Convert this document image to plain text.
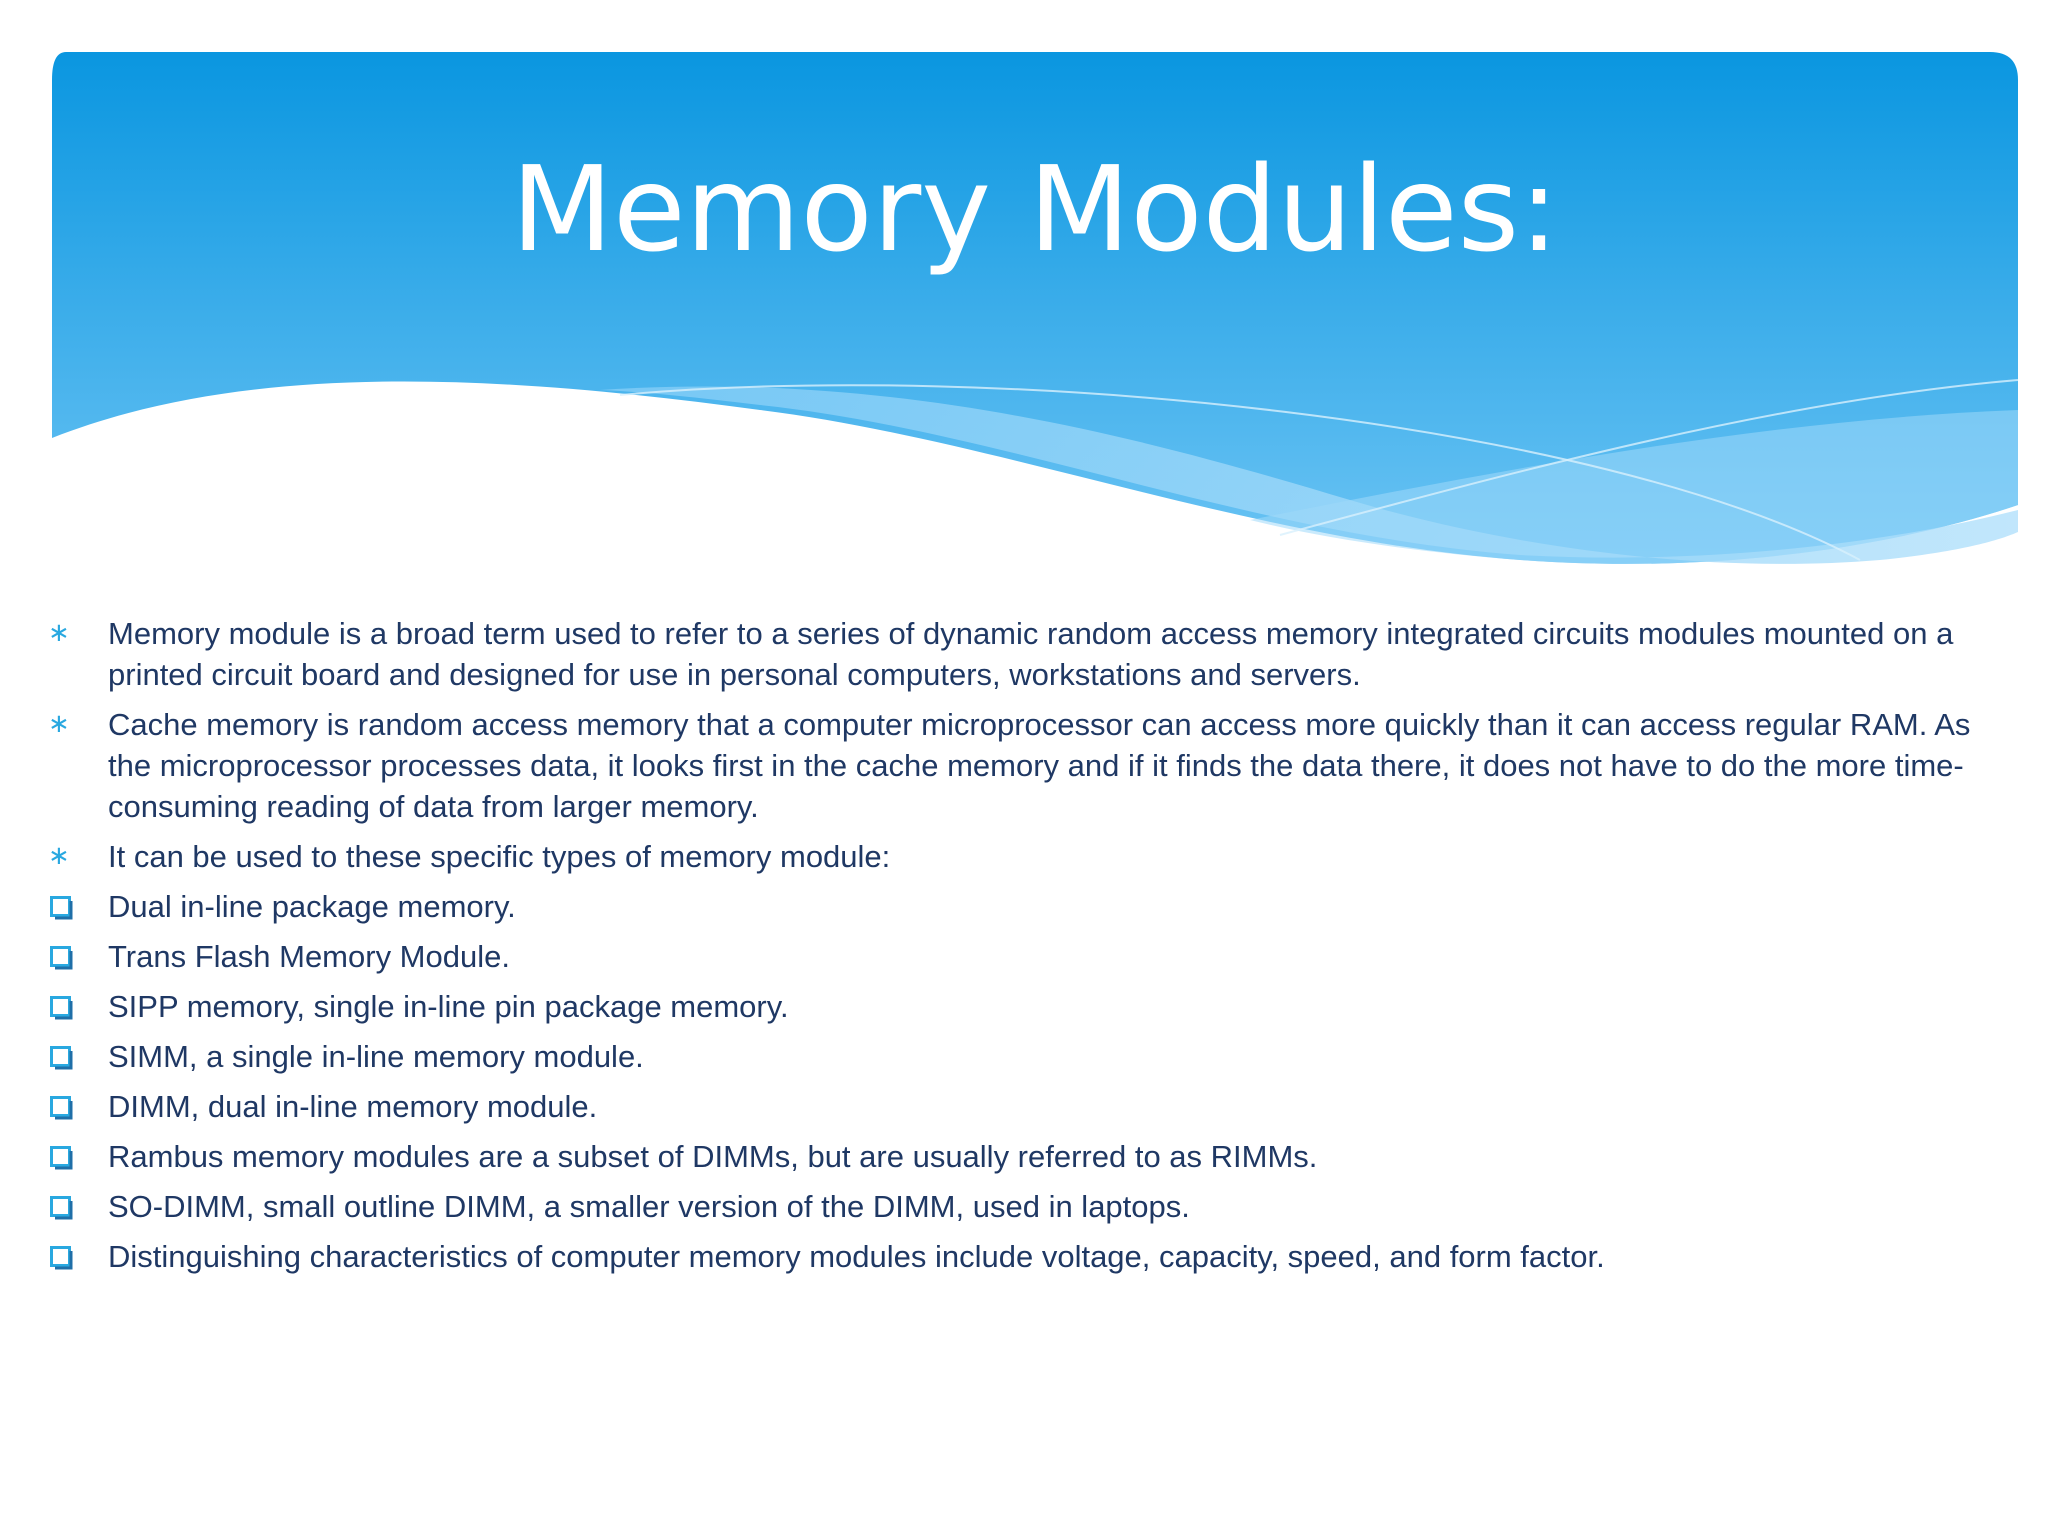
Memory Modules:
∗	Memory module is a broad term used to refer to a series of dynamic random access memory integrated circuits modules mounted on a printed circuit board and designed for use in personal computers, workstations and servers.
∗	Cache memory is random access memory that a computer microprocessor can access more quickly than it can access regular RAM. As the microprocessor processes data, it looks first in the cache memory and if it finds the data there, it does not have to do the more time-consuming reading of data from larger memory.
∗	It can be used to these specific types of memory module:
Dual in-line package memory.
Trans Flash Memory Module.
SIPP memory, single in-line pin package memory.
SIMM, a single in-line memory module.
DIMM, dual in-line memory module.
Rambus memory modules are a subset of DIMMs, but are usually referred to as RIMMs.
SO-DIMM, small outline DIMM, a smaller version of the DIMM, used in laptops.
Distinguishing characteristics of computer memory modules include voltage, capacity, speed, and form factor.
